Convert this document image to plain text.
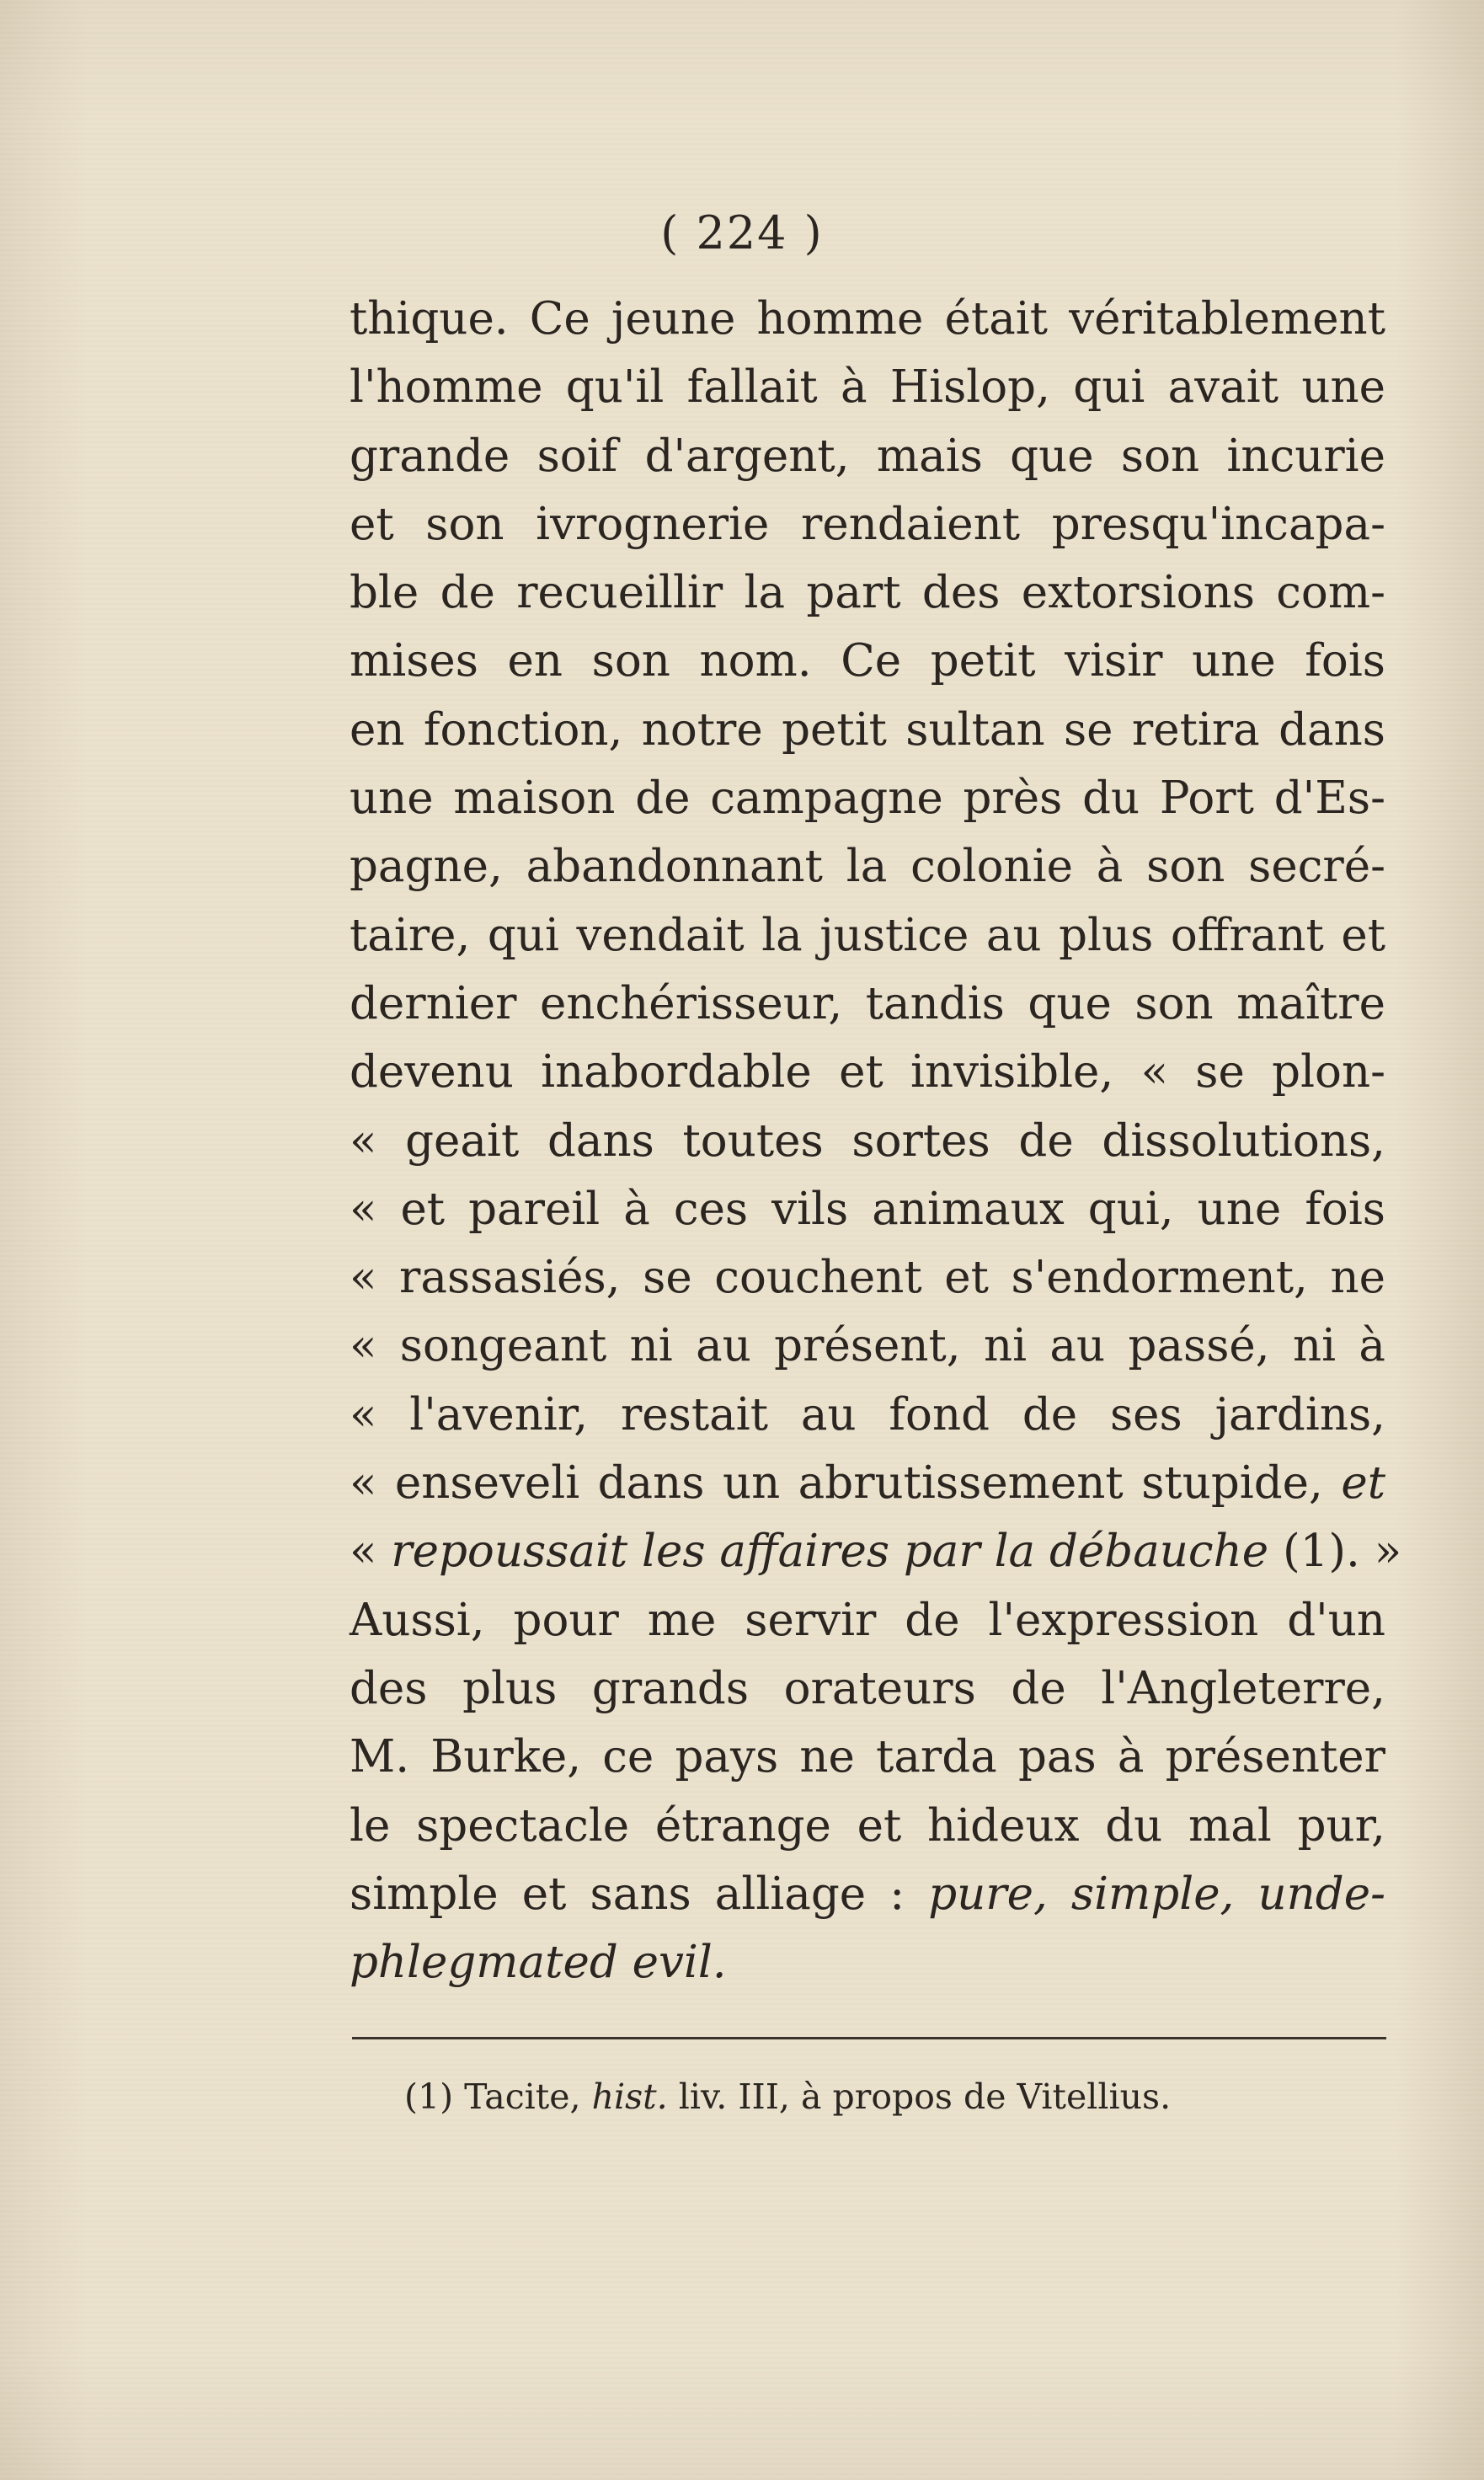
( 224 )
thique. Ce jeune homme était véritablement
l'homme qu'il fallait à Hislop, qui avait une
grande soif d'argent, mais que son incurie
et son ivrognerie rendaient presqu'incapa-
ble de recueillir la part des extorsions com-
mises en son nom. Ce petit visir une fois
en fonction, notre petit sultan se retira dans
une maison de campagne près du Port d'Es-
pagne, abandonnant la colonie à son secré-
taire, qui vendait la justice au plus offrant et
dernier enchérisseur, tandis que son maître
devenu inabordable et invisible, « se plon-
« geait dans toutes sortes de dissolutions,
« et pareil à ces vils animaux qui, une fois
« rassasiés, se couchent et s'endorment, ne
« songeant ni au présent, ni au passé, ni à
« l'avenir, restait au fond de ses jardins,
« enseveli dans un abrutissement stupide, et
« repoussait les affaires par la débauche (1). »
Aussi, pour me servir de l'expression d'un
des plus grands orateurs de l'Angleterre,
M. Burke, ce pays ne tarda pas à présenter
le spectacle étrange et hideux du mal pur,
simple et sans alliage : pure, simple, unde-
phlegmated evil.
(1) Tacite, hist. liv. III, à propos de Vitellius.
